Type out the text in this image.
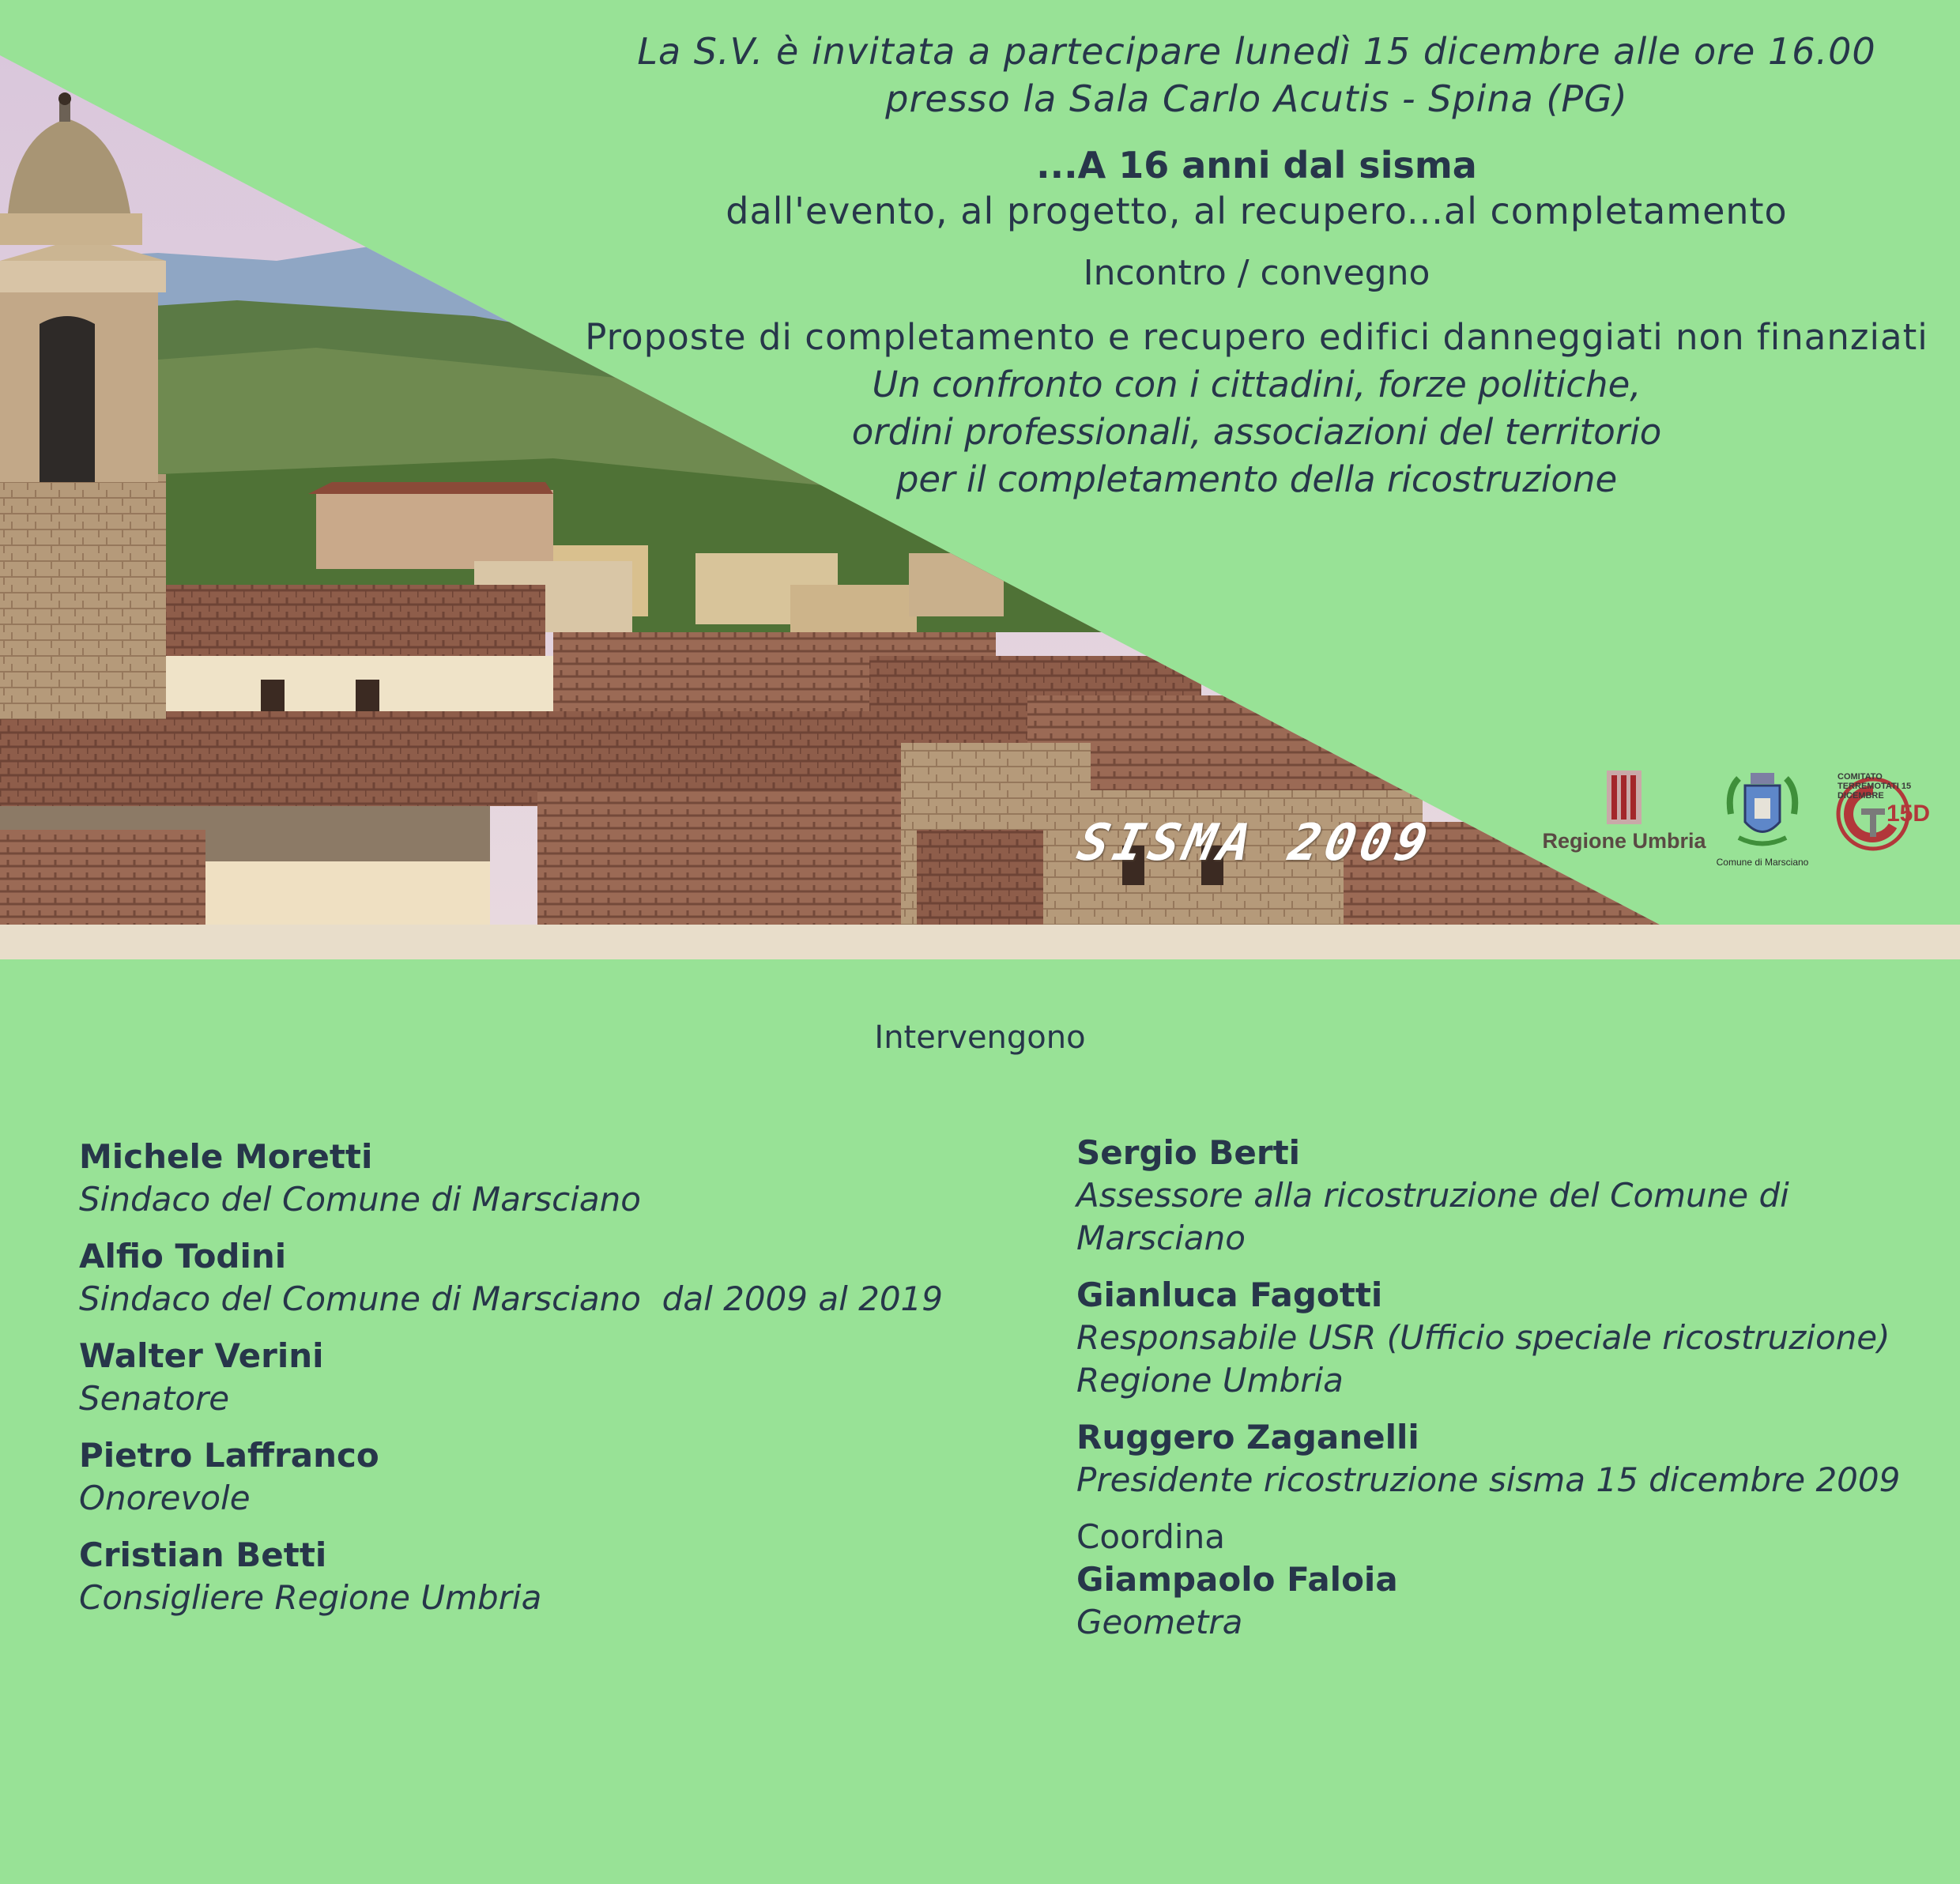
La S.V. è invitata a partecipare lunedì 15 dicembre alle ore 16.00
presso la Sala Carlo Acutis - Spina (PG)
...A 16 anni dal sisma
dall'evento, al progetto, al recupero...al completamento
Incontro / convegno
Proposte di completamento e recupero edifici danneggiati non finanziati
Un confronto con i cittadini, forze politiche,
ordini professionali, associazioni del territorio
per il completamento della ricostruzione
SISMA 2009	Regione Umbria
Comune di Marsciano
COMITATO TERREMOTATI 15 DICEMBRE
15D
Intervengono
Michele Moretti
Sindaco del Comune di Marsciano
Alfio Todini
Sindaco del Comune di Marsciano  dal 2009 al 2019
Walter Verini
Senatore
Pietro Laffranco
Onorevole
Cristian Betti
Consigliere Regione Umbria
Sergio Berti
Assessore alla ricostruzione del Comune di Marsciano
Gianluca Fagotti
Responsabile USR (Ufficio speciale ricostruzione)
Regione Umbria
Ruggero Zaganelli
Presidente ricostruzione sisma 15 dicembre 2009
Coordina
Giampaolo Faloia
Geometra
